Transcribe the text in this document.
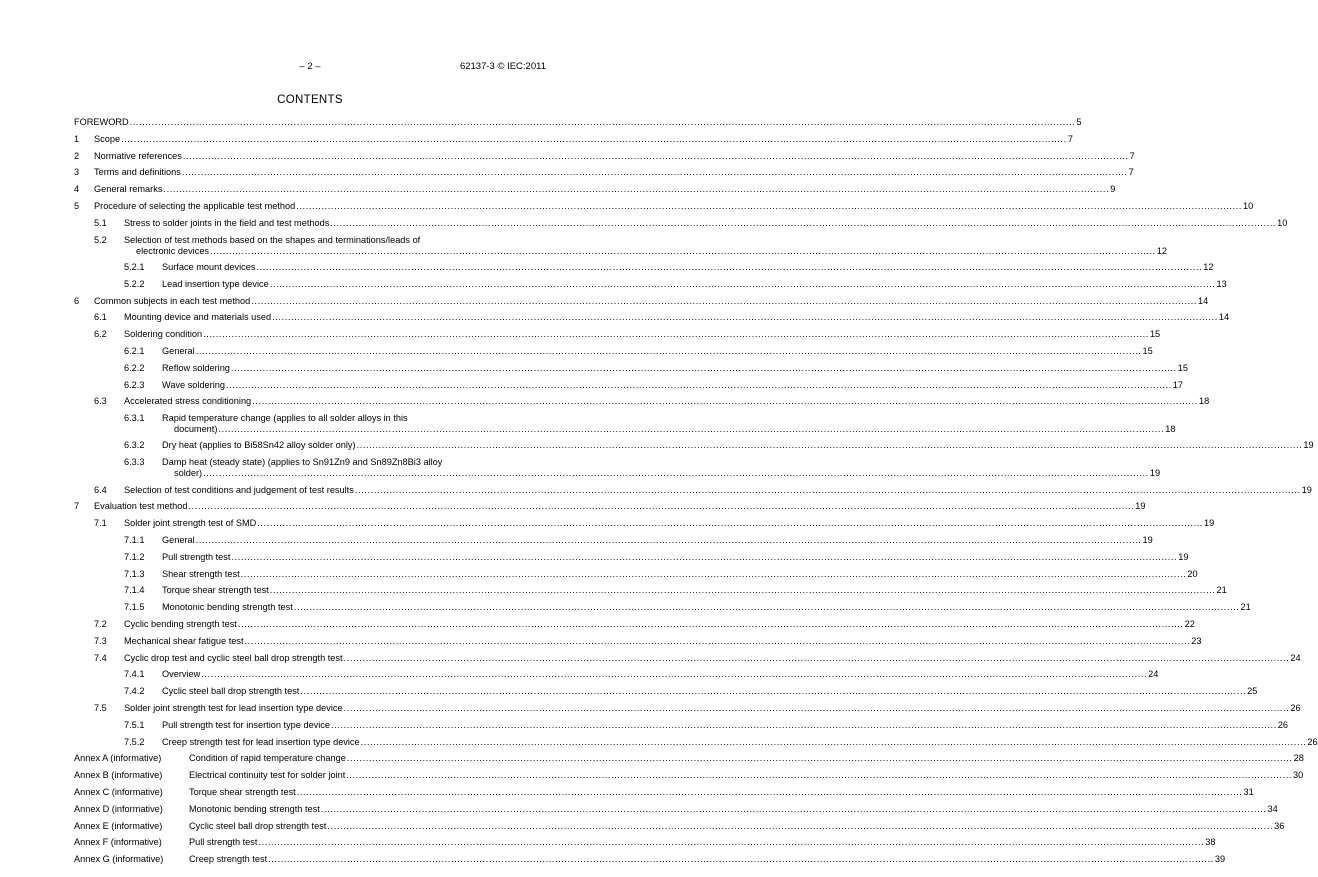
– 2 –	62137-3 © IEC:2011
CONTENTS
FOREWORD ............................................................................................................................................................................................................................................................................................................ 5
1 Scope ............................................................................................................................................................................................................................................................................................................ 7
2 Normative references ............................................................................................................................................................................................................................................................................................................ 7
3 Terms and definitions ............................................................................................................................................................................................................................................................................................................ 7
4 General remarks ............................................................................................................................................................................................................................................................................................................ 9
5 Procedure of selecting the applicable test method ............................................................................................................................................................................................................................................................................................................ 10
5.1 Stress to solder joints in the field and test methods ............................................................................................................................................................................................................................................................................................................ 10
5.2 Selection of test methods based on the shapes and terminations/leads of
electronic devices ............................................................................................................................................................................................................................................................................................................ 12
5.2.1 Surface mount devices ............................................................................................................................................................................................................................................................................................................ 12
5.2.2 Lead insertion type device ............................................................................................................................................................................................................................................................................................................ 13
6 Common subjects in each test method ............................................................................................................................................................................................................................................................................................................ 14
6.1 Mounting device and materials used ............................................................................................................................................................................................................................................................................................................ 14
6.2 Soldering condition ............................................................................................................................................................................................................................................................................................................ 15
6.2.1 General ............................................................................................................................................................................................................................................................................................................ 15
6.2.2 Reflow soldering ............................................................................................................................................................................................................................................................................................................ 15
6.2.3 Wave soldering ............................................................................................................................................................................................................................................................................................................ 17
6.3 Accelerated stress conditioning ............................................................................................................................................................................................................................................................................................................ 18
6.3.1 Rapid temperature change (applies to all solder alloys in this
document) ............................................................................................................................................................................................................................................................................................................ 18
6.3.2 Dry heat (applies to Bi58Sn42 alloy solder only) ............................................................................................................................................................................................................................................................................................................ 19
6.3.3 Damp heat (steady state) (applies to Sn91Zn9 and Sn89Zn8Bi3 alloy
solder) ............................................................................................................................................................................................................................................................................................................ 19
6.4 Selection of test conditions and judgement of test results ............................................................................................................................................................................................................................................................................................................ 19
7 Evaluation test method ............................................................................................................................................................................................................................................................................................................ 19
7.1 Solder joint strength test of SMD ............................................................................................................................................................................................................................................................................................................ 19
7.1.1 General ............................................................................................................................................................................................................................................................................................................ 19
7.1.2 Pull strength test ............................................................................................................................................................................................................................................................................................................ 19
7.1.3 Shear strength test ............................................................................................................................................................................................................................................................................................................ 20
7.1.4 Torque shear strength test ............................................................................................................................................................................................................................................................................................................ 21
7.1.5 Monotonic bending strength test ............................................................................................................................................................................................................................................................................................................ 21
7.2 Cyclic bending strength test ............................................................................................................................................................................................................................................................................................................ 22
7.3 Mechanical shear fatigue test ............................................................................................................................................................................................................................................................................................................ 23
7.4 Cyclic drop test and cyclic steel ball drop strength test ............................................................................................................................................................................................................................................................................................................ 24
7.4.1 Overview ............................................................................................................................................................................................................................................................................................................ 24
7.4.2 Cyclic steel ball drop strength test ............................................................................................................................................................................................................................................................................................................ 25
7.5 Solder joint strength test for lead insertion type device ............................................................................................................................................................................................................................................................................................................ 26
7.5.1 Pull strength test for insertion type device ............................................................................................................................................................................................................................................................................................................ 26
7.5.2 Creep strength test for lead insertion type device ............................................................................................................................................................................................................................................................................................................ 26
Annex A (informative)	Condition of rapid temperature change ............................................................................................................................................................................................................................................................................................................ 28
Annex B (informative)	Electrical continuity test for solder joint ............................................................................................................................................................................................................................................................................................................ 30
Annex C (informative)	Torque shear strength test ............................................................................................................................................................................................................................................................................................................ 31
Annex D (informative)	Monotonic bending strength test ............................................................................................................................................................................................................................................................................................................ 34
Annex E (informative)	Cyclic steel ball drop strength test ............................................................................................................................................................................................................................................................................................................ 36
Annex F (informative)	Pull strength test ............................................................................................................................................................................................................................................................................................................ 38
Annex G (informative)	Creep strength test ............................................................................................................................................................................................................................................................................................................ 39
